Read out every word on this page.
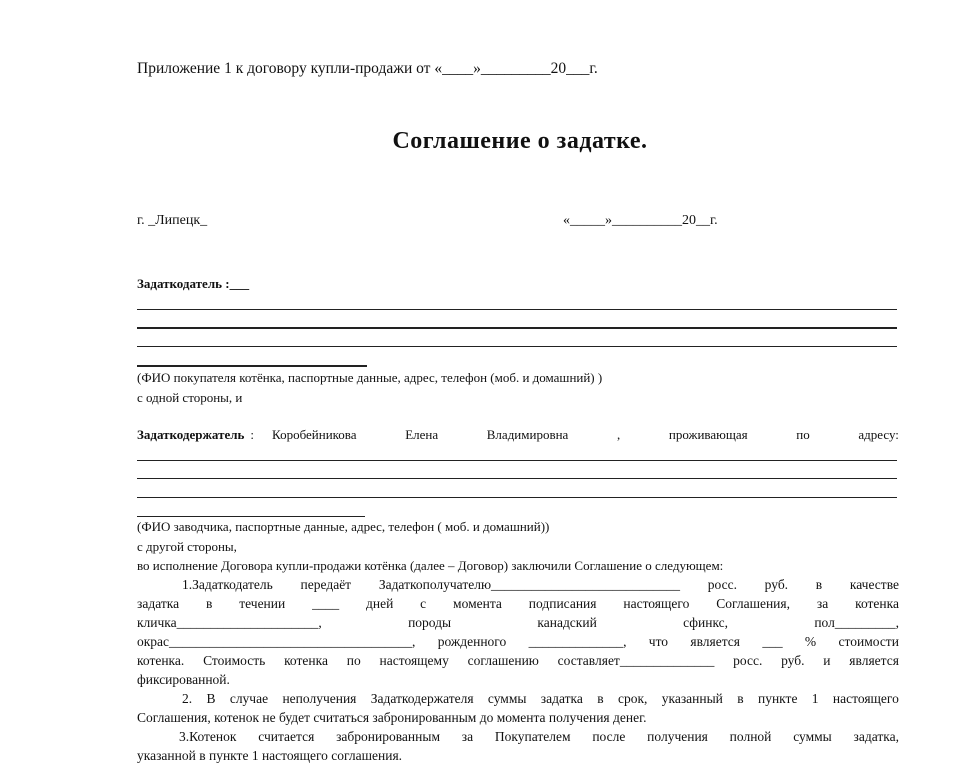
Приложение 1 к договору купли-продажи от «____»_________20___г.
Соглашение о задатке.
г. _Липецк_	«_____»__________20__г.
Задаткодатель :___
(ФИО покупателя котёнка, паспортные данные, адрес, телефон (моб. и домашний) )
с одной стороны, и
Задаткодержатель : Коробейникова	Елена	Владимировна	,	проживающая	по	адресу:
(ФИО заводчика, паспортные данные, адрес, телефон ( моб. и домашний))
с другой стороны,
во исполнение Договора купли-продажи котёнка (далее – Договор) заключили Соглашение о следующем:
1.Задаткодатель передаёт Задаткополучателю____________________________ росс. руб. в качестве
задатка в течении ____ дней с момента подписания настоящего Соглашения, за котенка
кличка_____________________,	породы	канадский	сфинкс,	пол_________,
окрас____________________________________, рожденного ______________, что является ___ % стоимости
котенка. Стоимость котенка по настоящему соглашению составляет______________ росс. руб. и является
фиксированной.
2. В случае неполучения Задаткодержателя суммы задатка в срок, указанный в пункте 1 настоящего
Соглашения, котенок не будет считаться забронированным до момента получения денег.
3.Котенок считается забронированным за Покупателем после получения полной суммы задатка,
указанной в пункте 1 настоящего соглашения.
